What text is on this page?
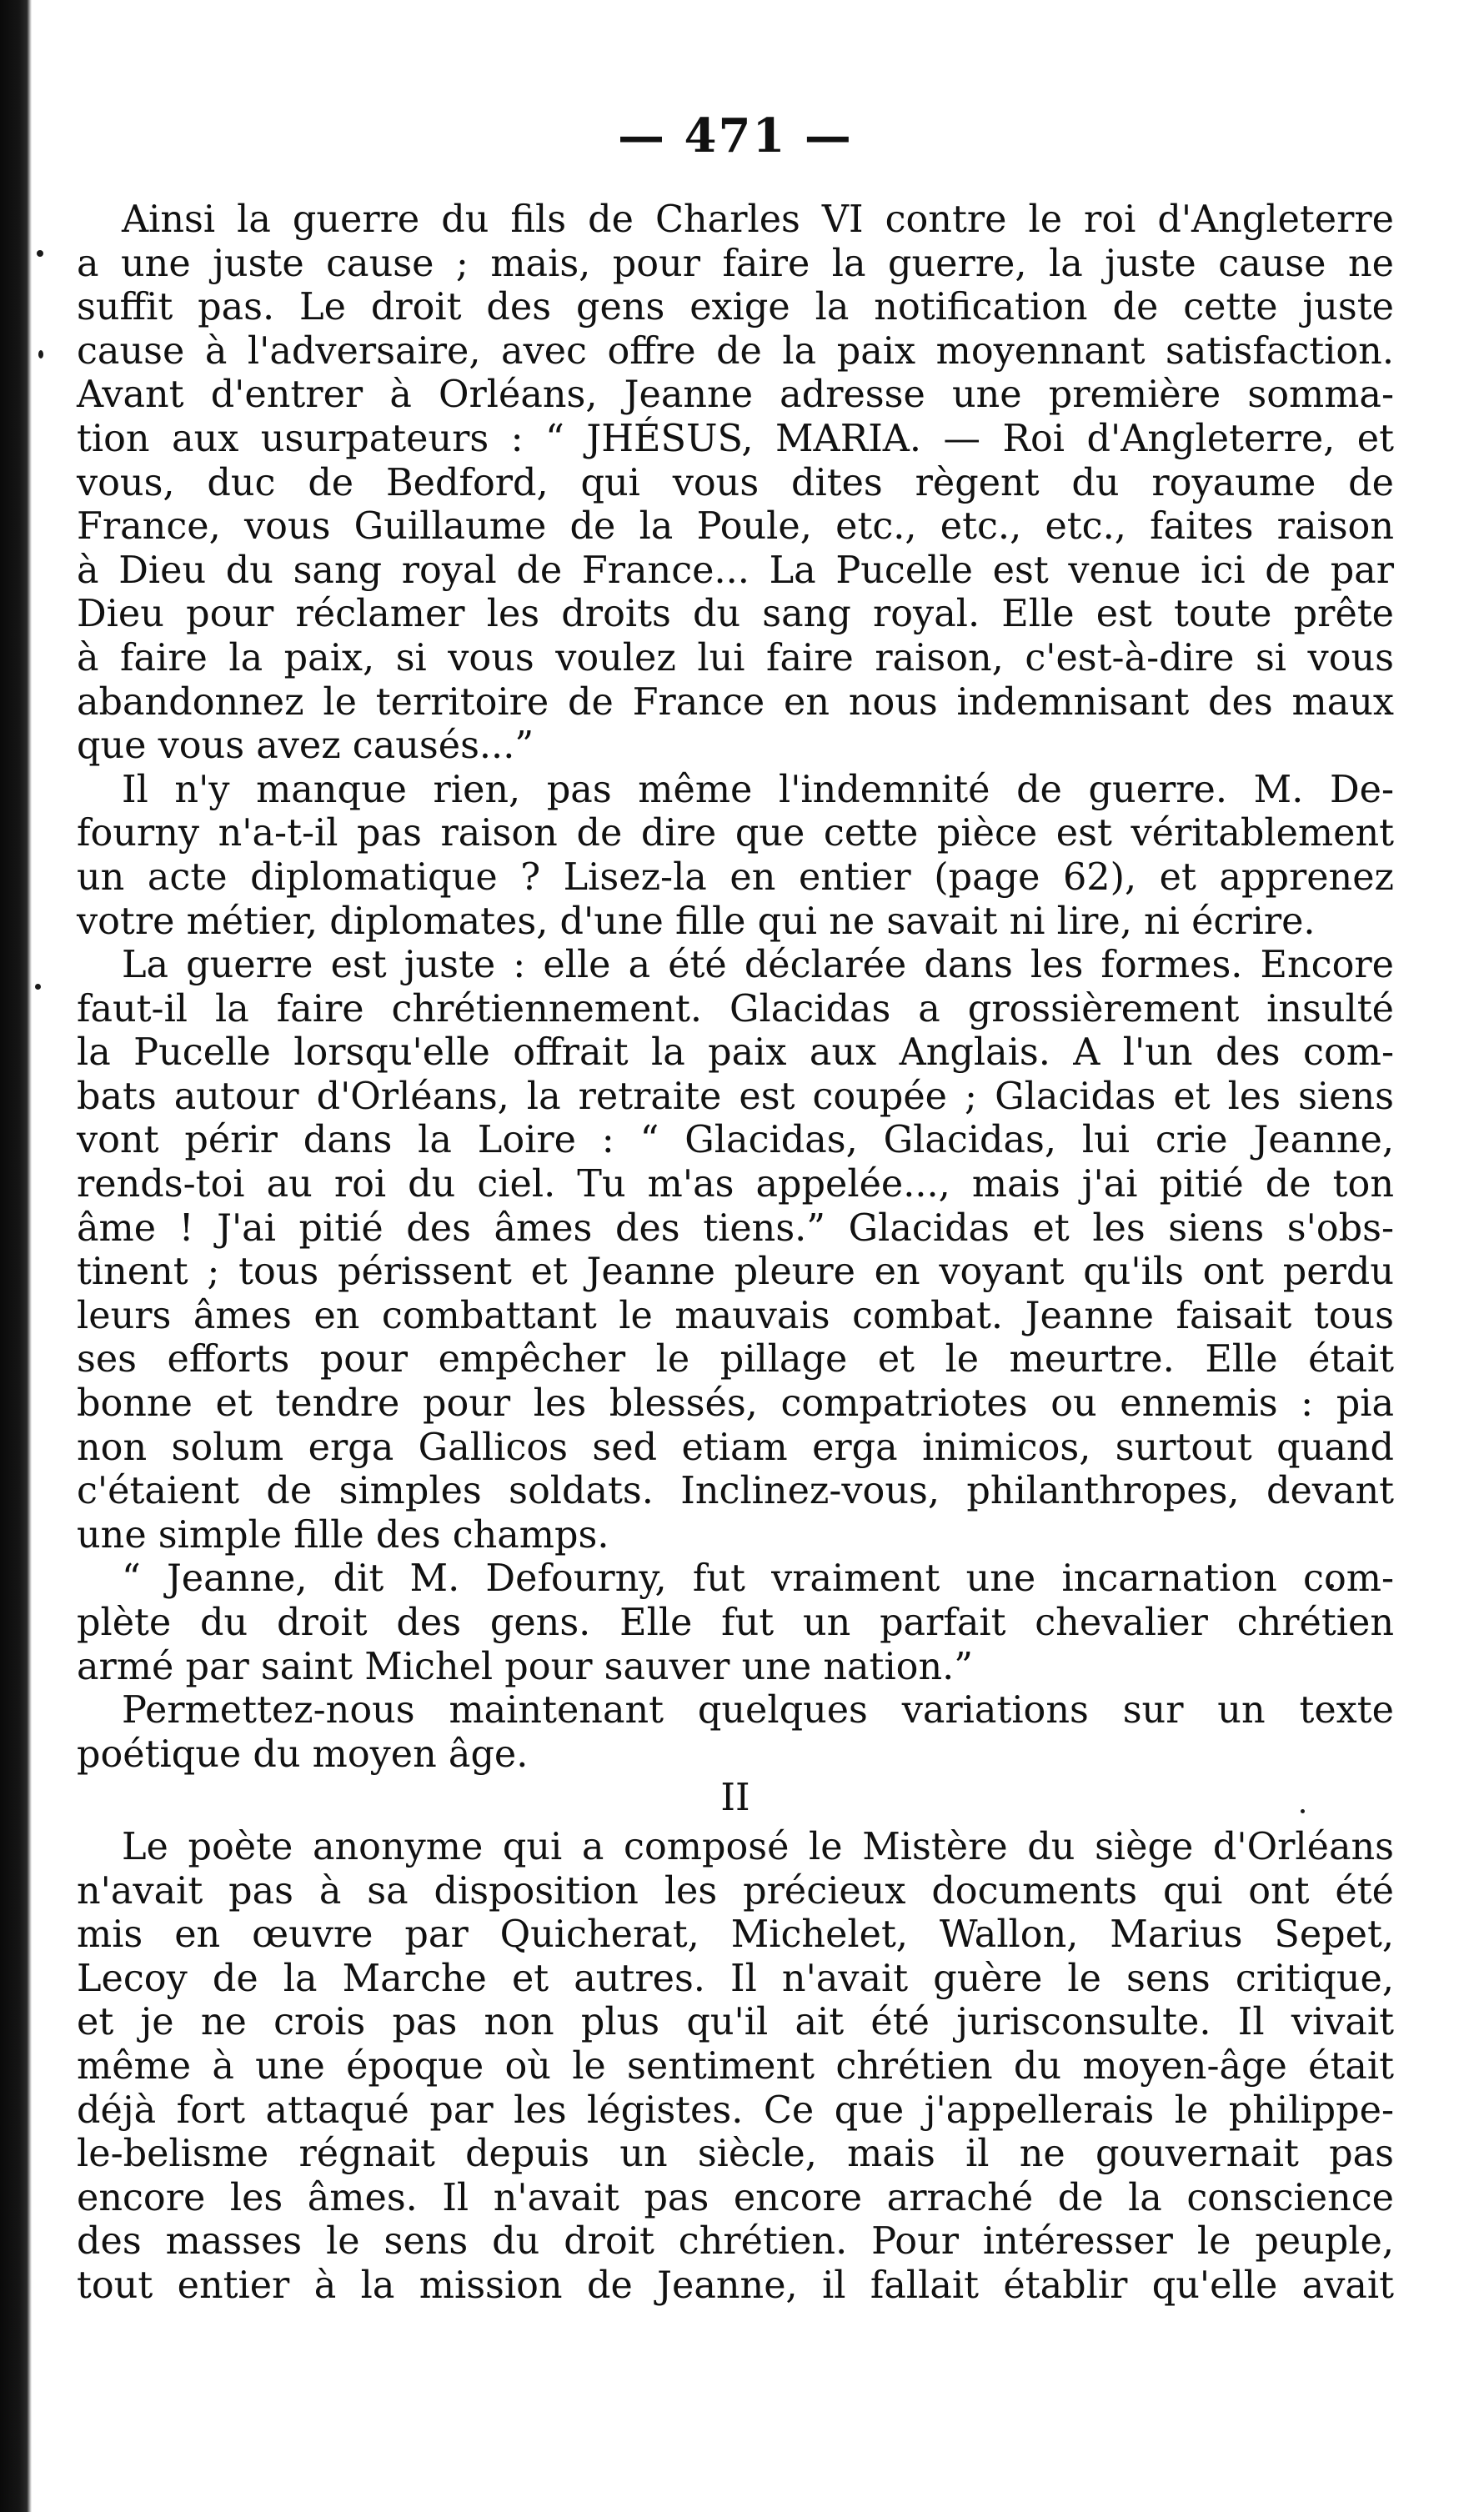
— 471 —
Ainsi la guerre du fils de Charles VI contre le roi d'Angleterre
a une juste cause ; mais, pour faire la guerre, la juste cause ne
suffit pas. Le droit des gens exige la notification de cette juste
cause à l'adversaire, avec offre de la paix moyennant satisfaction.
Avant d'entrer à Orléans, Jeanne adresse une première somma-
tion aux usurpateurs : “ JHÉSUS, MARIA. — Roi d'Angleterre, et
vous, duc de Bedford, qui vous dites règent du royaume de
France, vous Guillaume de la Poule, etc., etc., etc., faites raison
à Dieu du sang royal de France... La Pucelle est venue ici de par
Dieu pour réclamer les droits du sang royal. Elle est toute prête
à faire la paix, si vous voulez lui faire raison, c'est-à-dire si vous
abandonnez le territoire de France en nous indemnisant des maux
que vous avez causés...”
Il n'y manque rien, pas même l'indemnité de guerre. M. De-
fourny n'a-t-il pas raison de dire que cette pièce est véritablement
un acte diplomatique ? Lisez-la en entier (page 62), et apprenez
votre métier, diplomates, d'une fille qui ne savait ni lire, ni écrire.
La guerre est juste : elle a été déclarée dans les formes. Encore
faut-il la faire chrétiennement. Glacidas a grossièrement insulté
la Pucelle lorsqu'elle offrait la paix aux Anglais. A l'un des com-
bats autour d'Orléans, la retraite est coupée ; Glacidas et les siens
vont périr dans la Loire : “ Glacidas, Glacidas, lui crie Jeanne,
rends-toi au roi du ciel. Tu m'as appelée..., mais j'ai pitié de ton
âme ! J'ai pitié des âmes des tiens.” Glacidas et les siens s'obs-
tinent ; tous périssent et Jeanne pleure en voyant qu'ils ont perdu
leurs âmes en combattant le mauvais combat. Jeanne faisait tous
ses efforts pour empêcher le pillage et le meurtre. Elle était
bonne et tendre pour les blessés, compatriotes ou ennemis : pia
non solum erga Gallicos sed etiam erga inimicos, surtout quand
c'étaient de simples soldats. Inclinez-vous, philanthropes, devant
une simple fille des champs.
“ Jeanne, dit M. Defourny, fut vraiment une incarnation com-
plète du droit des gens. Elle fut un parfait chevalier chrétien
armé par saint Michel pour sauver une nation.”
Permettez-nous maintenant quelques variations sur un texte
poétique du moyen âge.
II
Le poète anonyme qui a composé le Mistère du siège d'Orléans
n'avait pas à sa disposition les précieux documents qui ont été
mis en œuvre par Quicherat, Michelet, Wallon, Marius Sepet,
Lecoy de la Marche et autres. Il n'avait guère le sens critique,
et je ne crois pas non plus qu'il ait été jurisconsulte. Il vivait
même à une époque où le sentiment chrétien du moyen-âge était
déjà fort attaqué par les légistes. Ce que j'appellerais le philippe-
le-belisme régnait depuis un siècle, mais il ne gouvernait pas
encore les âmes. Il n'avait pas encore arraché de la conscience
des masses le sens du droit chrétien. Pour intéresser le peuple,
tout entier à la mission de Jeanne, il fallait établir qu'elle avait
